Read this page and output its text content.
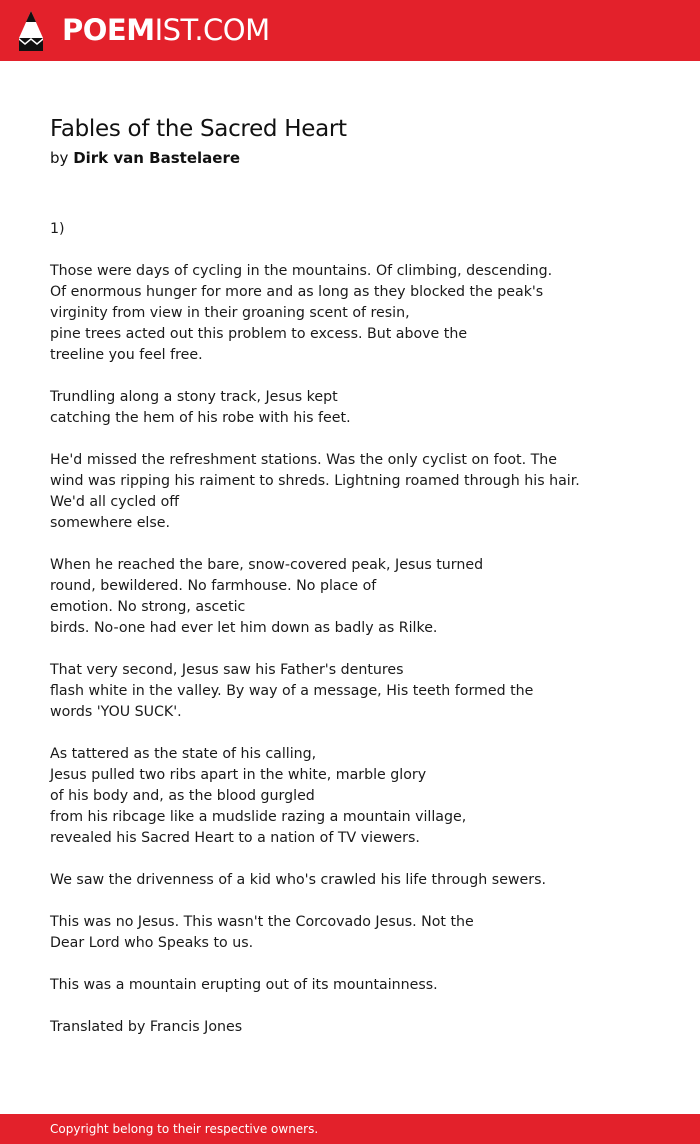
POEMIST.COM
Fables of the Sacred Heart
by Dirk van Bastelaere
1)
Those were days of cycling in the mountains. Of climbing, descending.
Of enormous hunger for more and as long as they blocked the peak's
virginity from view in their groaning scent of resin,
pine trees acted out this problem to excess. But above the
treeline you feel free.
Trundling along a stony track, Jesus kept
catching the hem of his robe with his feet.
He'd missed the refreshment stations. Was the only cyclist on foot. The
wind was ripping his raiment to shreds. Lightning roamed through his hair.
We'd all cycled off
somewhere else.
When he reached the bare, snow-covered peak, Jesus turned
round, bewildered. No farmhouse. No place of
emotion. No strong, ascetic
birds. No-one had ever let him down as badly as Rilke.
That very second, Jesus saw his Father's dentures
flash white in the valley. By way of a message, His teeth formed the
words 'YOU SUCK'.
As tattered as the state of his calling,
Jesus pulled two ribs apart in the white, marble glory
of his body and, as the blood gurgled
from his ribcage like a mudslide razing a mountain village,
revealed his Sacred Heart to a nation of TV viewers.
We saw the drivenness of a kid who's crawled his life through sewers.
This was no Jesus. This wasn't the Corcovado Jesus. Not the
Dear Lord who Speaks to us.
This was a mountain erupting out of its mountainness.
Translated by Francis Jones
Copyright belong to their respective owners.
